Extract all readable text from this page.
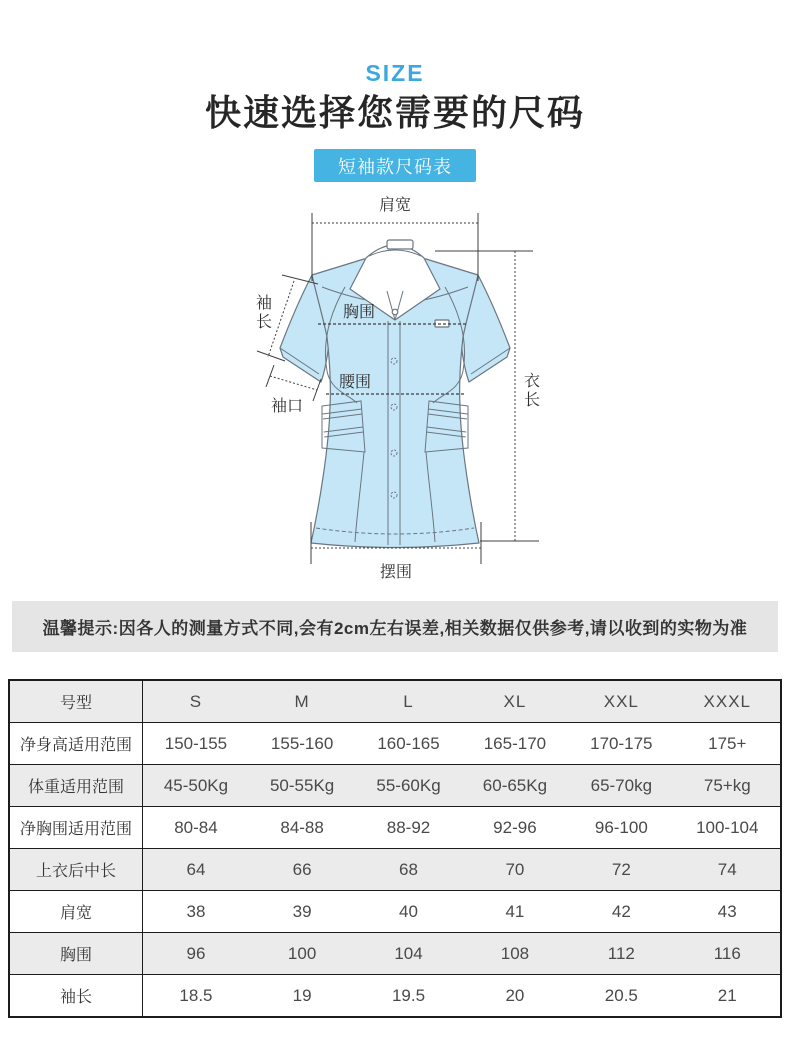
SIZE
快速选择您需要的尺码
短袖款尺码表
肩宽
袖长	胸围
腰围
袖口	衣长
摆围
温馨提示:因各人的测量方式不同,会有2cm左右误差,相关数据仅供参考,请以收到的实物为准
号型	S	M	L	XL	XXL	XXXL
净身高适用范围	150-155	155-160	160-165	165-170	170-175	175+
体重适用范围	45-50Kg	50-55Kg	55-60Kg	60-65Kg	65-70kg	75+kg
净胸围适用范围	80-84	84-88	88-92	92-96	96-100	100-104
上衣后中长	64	66	68	70	72	74
肩宽	38	39	40	41	42	43
胸围	96	100	104	108	112	116
袖长	18.5	19	19.5	20	20.5	21
